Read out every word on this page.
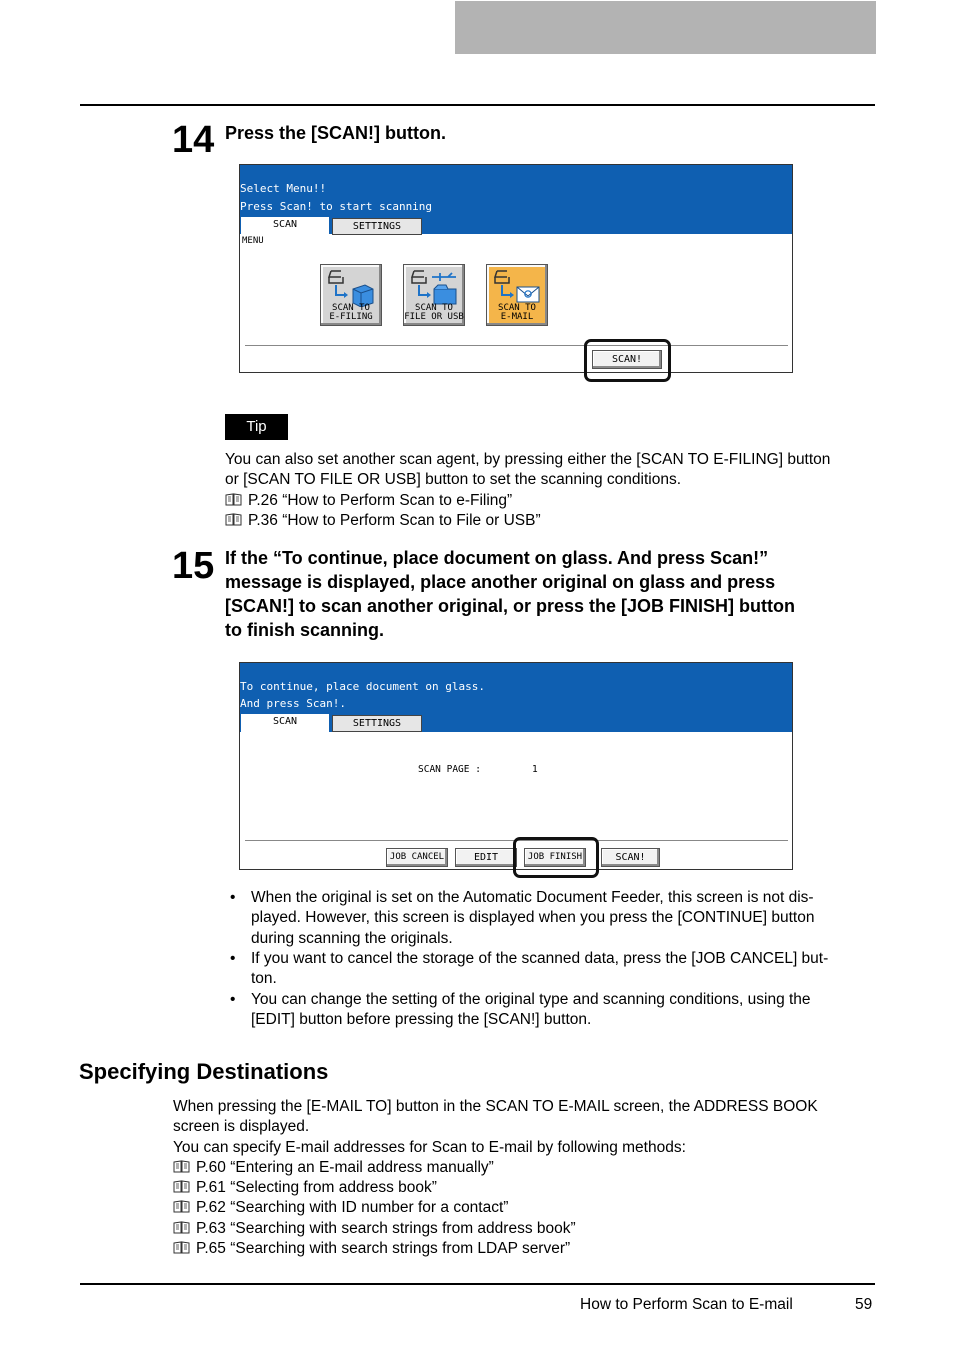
14 Press the [SCAN!] button.
Select Menu!!
Press Scan! to start scanning
SCAN	SETTINGS
MENU
SCAN TO
E-FILING
SCAN TO
FILE OR USB
SCAN TO
E-MAIL
SCAN!
Tip
You can also set another scan agent, by pressing either the [SCAN TO E-FILING] button
or [SCAN TO FILE OR USB] button to set the scanning conditions.
P.26 “How to Perform Scan to e-Filing”
P.36 “How to Perform Scan to File or USB”
15 If the “To continue, place document on glass. And press Scan!”
message is displayed, place another original on glass and press
[SCAN!] to scan another original, or press the [JOB FINISH] button
to finish scanning.
To continue, place document on glass.
And press Scan!.
SCAN	SETTINGS
SCAN PAGE :	1
JOB CANCEL	EDIT	JOB FINISH	SCAN!
• When the original is set on the Automatic Document Feeder, this screen is not dis-
played. However, this screen is displayed when you press the [CONTINUE] button
during scanning the originals.
• If you want to cancel the storage of the scanned data, press the [JOB CANCEL] but-
ton.
• You can change the setting of the original type and scanning conditions, using the
[EDIT] button before pressing the [SCAN!] button.
Specifying Destinations
When pressing the [E-MAIL TO] button in the SCAN TO E-MAIL screen, the ADDRESS BOOK
screen is displayed.
You can specify E-mail addresses for Scan to E-mail by following methods:
P.60 “Entering an E-mail address manually”
P.61 “Selecting from address book”
P.62 “Searching with ID number for a contact”
P.63 “Searching with search strings from address book”
P.65 “Searching with search strings from LDAP server”
How to Perform Scan to E-mail	59
